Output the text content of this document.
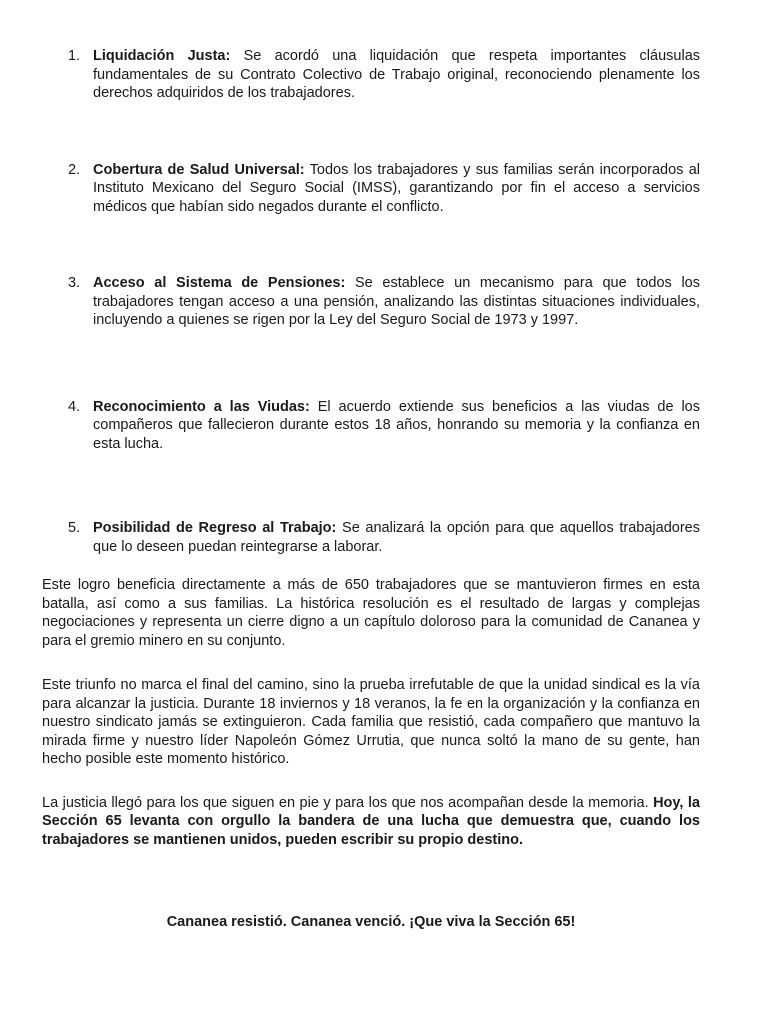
1. Liquidación Justa: Se acordó una liquidación que respeta importantes cláusulas fundamentales de su Contrato Colectivo de Trabajo original, reconociendo plenamente los derechos adquiridos de los trabajadores.

2. Cobertura de Salud Universal: Todos los trabajadores y sus familias serán incorporados al Instituto Mexicano del Seguro Social (IMSS), garantizando por fin el acceso a servicios médicos que habían sido negados durante el conflicto.

3. Acceso al Sistema de Pensiones: Se establece un mecanismo para que todos los trabajadores tengan acceso a una pensión, analizando las distintas situaciones individuales, incluyendo a quienes se rigen por la Ley del Seguro Social de 1973 y 1997.

4. Reconocimiento a las Viudas: El acuerdo extiende sus beneficios a las viudas de los compañeros que fallecieron durante estos 18 años, honrando su memoria y la confianza en esta lucha.

5. Posibilidad de Regreso al Trabajo: Se analizará la opción para que aquellos trabajadores que lo deseen puedan reintegrarse a laborar.

Este logro beneficia directamente a más de 650 trabajadores que se mantuvieron firmes en esta batalla, así como a sus familias. La histórica resolución es el resultado de largas y complejas negociaciones y representa un cierre digno a un capítulo doloroso para la comunidad de Cananea y para el gremio minero en su conjunto.

Este triunfo no marca el final del camino, sino la prueba irrefutable de que la unidad sindical es la vía para alcanzar la justicia. Durante 18 inviernos y 18 veranos, la fe en la organización y la confianza en nuestro sindicato jamás se extinguieron. Cada familia que resistió, cada compañero que mantuvo la mirada firme y nuestro líder Napoleón Gómez Urrutia, que nunca soltó la mano de su gente, han hecho posible este momento histórico.

La justicia llegó para los que siguen en pie y para los que nos acompañan desde la memoria. Hoy, la Sección 65 levanta con orgullo la bandera de una lucha que demuestra que, cuando los trabajadores se mantienen unidos, pueden escribir su propio destino.

Cananea resistió. Cananea venció. ¡Que viva la Sección 65!
